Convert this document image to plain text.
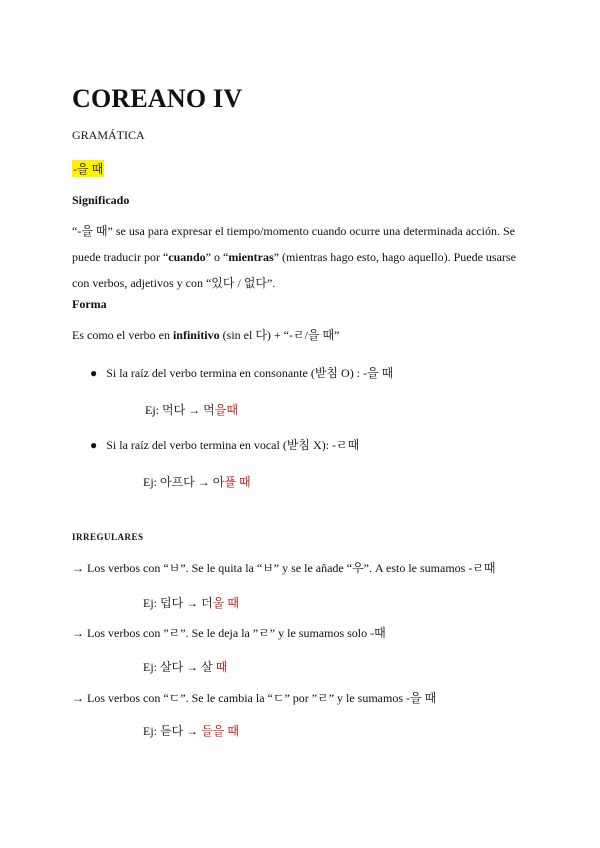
COREANO IV
GRAMÁTICA
-을 때
Significado
“-을 때” se usa para expresar el tiempo/momento cuando ocurre una determinada acción. Se puede traducir por “cuando” o “mientras” (mientras hago esto, hago aquello). Puede usarse con verbos, adjetivos y con “있다 / 없다”.
Forma
Es como el verbo en infinitivo (sin el 다) + “-ㄹ/을 때”
● Si la raíz del verbo termina en consonante (받침 O) : -을 때
Ej: 먹다 → 먹을때
● Si la raíz del verbo termina en vocal (받침 X): -ㄹ때
Ej: 아프다 → 아플 때
IRREGULARES
→ Los verbos con “ㅂ”. Se le quita la “ㅂ” y se le añade “우”. A esto le sumamos -ㄹ때
Ej: 덥다 → 더울 때
→ Los verbos con ”ㄹ”. Se le deja la ”ㄹ” y le sumamos solo -때
Ej: 살다 → 살 때
→ Los verbos con “ㄷ”. Se le cambia la “ㄷ” por ”ㄹ” y le sumamos -을 때
Ej: 듣다 → 들을 때
